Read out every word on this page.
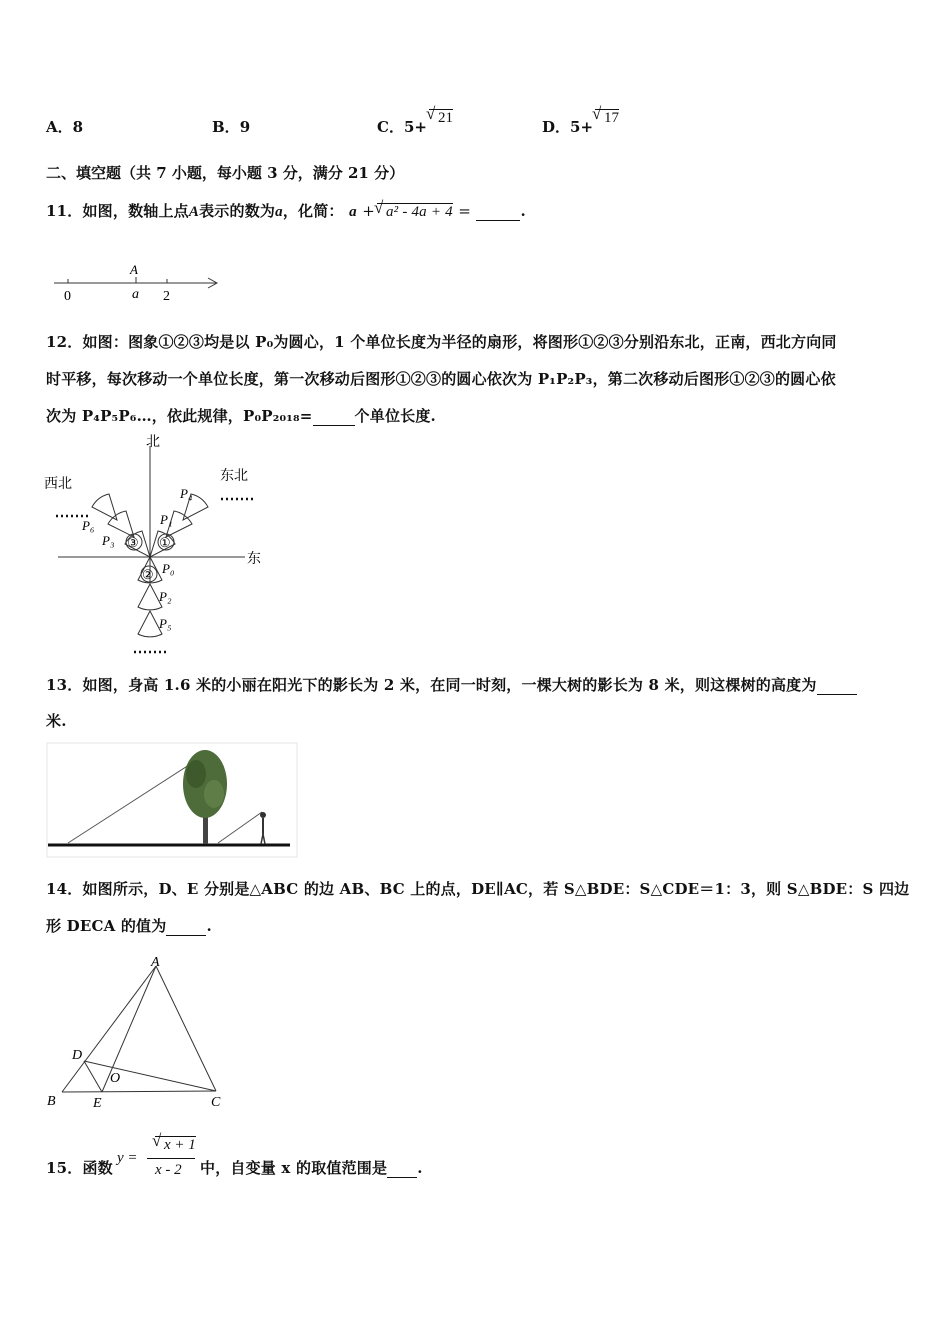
A．8	B．9	C．5+ √ 21	D．5+ √ 17
二、填空题（共 7 小题，每小题 3 分，满分 21 分）
11．如图，数轴上点A表示的数为a，化简： a + √ a² - 4a + 4 =	.
A
0	a 2
12．如图：图象①②③均是以 P₀为圆心，1 个单位长度为半径的扇形，将图形①②③分别沿东北，正南，西北方向同
时平移，每次移动一个单位长度，第一次移动后图形①②③的圆心依次为 P₁P₂P₃，第二次移动后图形①②③的圆心依
次为 P₄P₅P₆…，依此规律，P₀P₂₀₁₈=	个单位长度.
北
东
东北
西北
①
③
② P₀
P₁
P₄
P₃
P₆
P₂
P₅
13．如图，身高 1.6 米的小丽在阳光下的影长为 2 米，在同一时刻，一棵大树的影长为 8 米，则这棵树的高度为
米.
14．如图所示，D、E 分别是△ABC 的边 AB、BC 上的点，DE∥AC，若 S△BDE：S△CDE＝1：3，则 S△BDE：S 四边
形 DECA 的值为	.
A
B	C
D
E
O
15．函数
y =
√ x + 1
x - 2 中，自变量 x 的取值范围是 .
